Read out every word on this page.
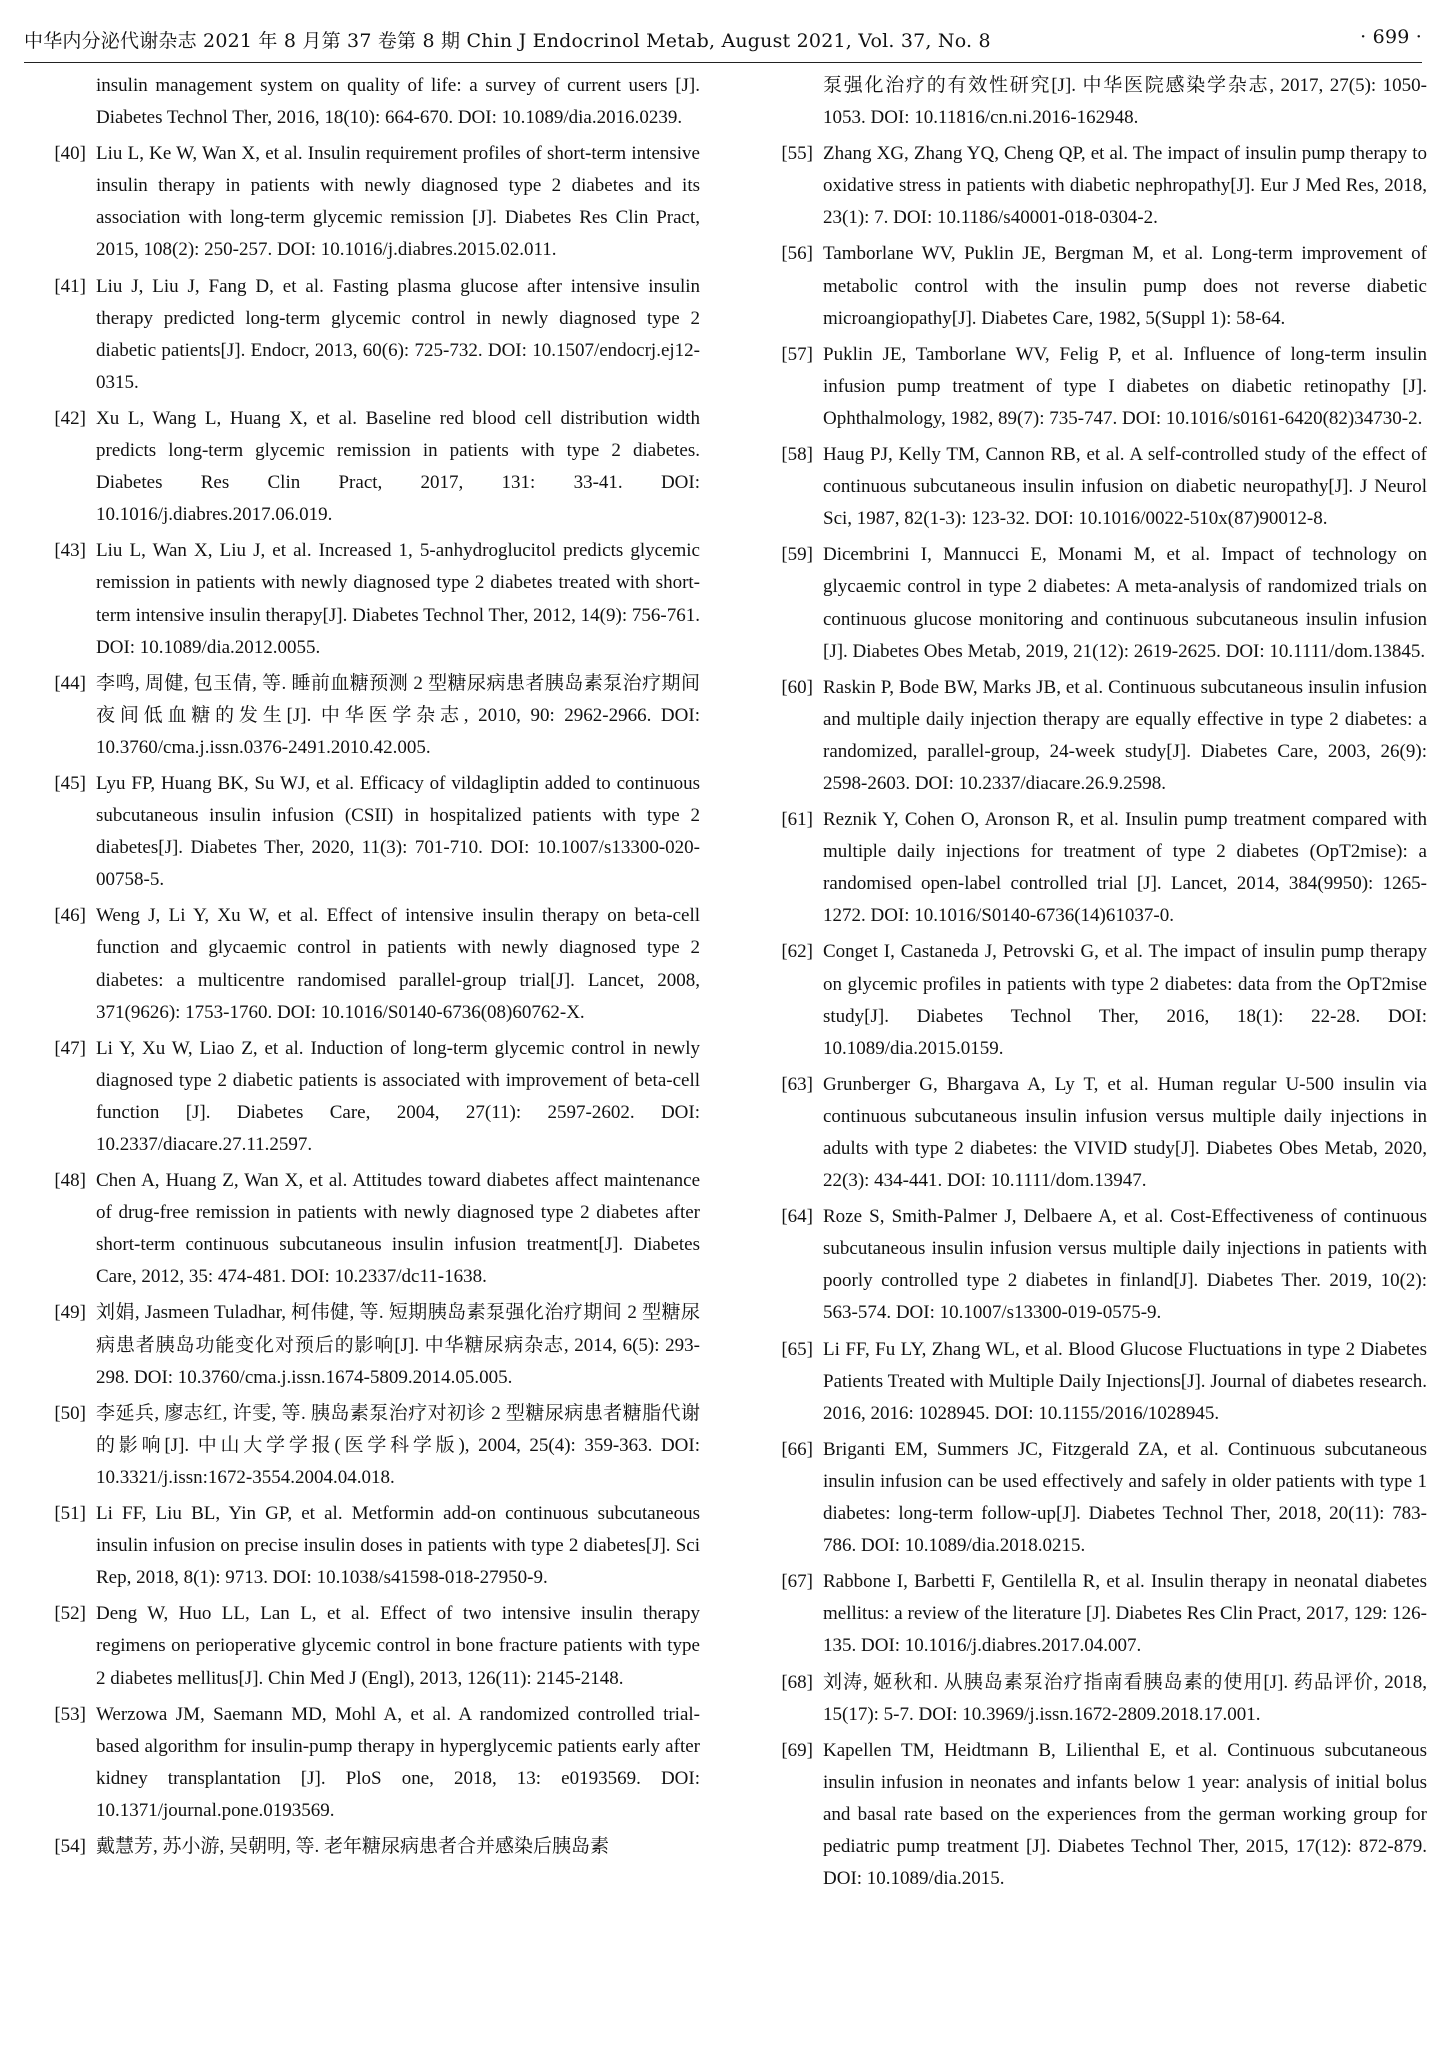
中华内分泌代谢杂志 2021 年 8 月第 37 卷第 8 期 Chin J Endocrinol Metab, August 2021, Vol. 37, No. 8	· 699 ·
insulin management system on quality of life: a survey of current users [J]. Diabetes Technol Ther, 2016, 18(10): 664-670. DOI: 10.1089/dia.2016.0239.
[40] Liu L, Ke W, Wan X, et al. Insulin requirement profiles of short-term intensive insulin therapy in patients with newly diagnosed type 2 diabetes and its association with long-term glycemic remission [J]. Diabetes Res Clin Pract, 2015, 108(2): 250-257. DOI: 10.1016/j.diabres.2015.02.011.
[41] Liu J, Liu J, Fang D, et al. Fasting plasma glucose after intensive insulin therapy predicted long-term glycemic control in newly diagnosed type 2 diabetic patients[J]. Endocr, 2013, 60(6): 725-732. DOI: 10.1507/endocrj.ej12-0315.
[42] Xu L, Wang L, Huang X, et al. Baseline red blood cell distribution width predicts long-term glycemic remission in patients with type 2 diabetes. Diabetes Res Clin Pract, 2017, 131: 33-41. DOI: 10.1016/j.diabres.2017.06.019.
[43] Liu L, Wan X, Liu J, et al. Increased 1, 5-anhydroglucitol predicts glycemic remission in patients with newly diagnosed type 2 diabetes treated with short-term intensive insulin therapy[J]. Diabetes Technol Ther, 2012, 14(9): 756-761. DOI: 10.1089/dia.2012.0055.
[44] 李鸣, 周健, 包玉倩, 等. 睡前血糖预测 2 型糖尿病患者胰岛素泵治疗期间夜间低血糖的发生[J]. 中华医学杂志, 2010, 90: 2962-2966. DOI: 10.3760/cma.j.issn.0376-2491.2010.42.005.
[45] Lyu FP, Huang BK, Su WJ, et al. Efficacy of vildagliptin added to continuous subcutaneous insulin infusion (CSII) in hospitalized patients with type 2 diabetes[J]. Diabetes Ther, 2020, 11(3): 701-710. DOI: 10.1007/s13300-020-00758-5.
[46] Weng J, Li Y, Xu W, et al. Effect of intensive insulin therapy on beta-cell function and glycaemic control in patients with newly diagnosed type 2 diabetes: a multicentre randomised parallel-group trial[J]. Lancet, 2008, 371(9626): 1753-1760. DOI: 10.1016/S0140-6736(08)60762-X.
[47] Li Y, Xu W, Liao Z, et al. Induction of long-term glycemic control in newly diagnosed type 2 diabetic patients is associated with improvement of beta-cell function [J]. Diabetes Care, 2004, 27(11): 2597-2602. DOI: 10.2337/diacare.27.11.2597.
[48] Chen A, Huang Z, Wan X, et al. Attitudes toward diabetes affect maintenance of drug-free remission in patients with newly diagnosed type 2 diabetes after short-term continuous subcutaneous insulin infusion treatment[J]. Diabetes Care, 2012, 35: 474-481. DOI: 10.2337/dc11-1638.
[49] 刘娟, Jasmeen Tuladhar, 柯伟健, 等. 短期胰岛素泵强化治疗期间 2 型糖尿病患者胰岛功能变化对预后的影响[J]. 中华糖尿病杂志, 2014, 6(5): 293-298. DOI: 10.3760/cma.j.issn.1674-5809.2014.05.005.
[50] 李延兵, 廖志红, 许雯, 等. 胰岛素泵治疗对初诊 2 型糖尿病患者糖脂代谢的影响[J]. 中山大学学报(医学科学版), 2004, 25(4): 359-363. DOI: 10.3321/j.issn:1672-3554.2004.04.018.
[51] Li FF, Liu BL, Yin GP, et al. Metformin add-on continuous subcutaneous insulin infusion on precise insulin doses in patients with type 2 diabetes[J]. Sci Rep, 2018, 8(1): 9713. DOI: 10.1038/s41598-018-27950-9.
[52] Deng W, Huo LL, Lan L, et al. Effect of two intensive insulin therapy regimens on perioperative glycemic control in bone fracture patients with type 2 diabetes mellitus[J]. Chin Med J (Engl), 2013, 126(11): 2145-2148.
[53] Werzowa JM, Saemann MD, Mohl A, et al. A randomized controlled trial-based algorithm for insulin-pump therapy in hyperglycemic patients early after kidney transplantation [J]. PloS one, 2018, 13: e0193569. DOI: 10.1371/journal.pone.0193569.
[54] 戴慧芳, 苏小游, 吴朝明, 等. 老年糖尿病患者合并感染后胰岛素
泵强化治疗的有效性研究[J]. 中华医院感染学杂志, 2017, 27(5): 1050-1053. DOI: 10.11816/cn.ni.2016-162948.
[55] Zhang XG, Zhang YQ, Cheng QP, et al. The impact of insulin pump therapy to oxidative stress in patients with diabetic nephropathy[J]. Eur J Med Res, 2018, 23(1): 7. DOI: 10.1186/s40001-018-0304-2.
[56] Tamborlane WV, Puklin JE, Bergman M, et al. Long-term improvement of metabolic control with the insulin pump does not reverse diabetic microangiopathy[J]. Diabetes Care, 1982, 5(Suppl 1): 58-64.
[57] Puklin JE, Tamborlane WV, Felig P, et al. Influence of long-term insulin infusion pump treatment of type I diabetes on diabetic retinopathy [J]. Ophthalmology, 1982, 89(7): 735-747. DOI: 10.1016/s0161-6420(82)34730-2.
[58] Haug PJ, Kelly TM, Cannon RB, et al. A self-controlled study of the effect of continuous subcutaneous insulin infusion on diabetic neuropathy[J]. J Neurol Sci, 1987, 82(1-3): 123-32. DOI: 10.1016/0022-510x(87)90012-8.
[59] Dicembrini I, Mannucci E, Monami M, et al. Impact of technology on glycaemic control in type 2 diabetes: A meta-analysis of randomized trials on continuous glucose monitoring and continuous subcutaneous insulin infusion [J]. Diabetes Obes Metab, 2019, 21(12): 2619-2625. DOI: 10.1111/dom.13845.
[60] Raskin P, Bode BW, Marks JB, et al. Continuous subcutaneous insulin infusion and multiple daily injection therapy are equally effective in type 2 diabetes: a randomized, parallel-group, 24-week study[J]. Diabetes Care, 2003, 26(9): 2598-2603. DOI: 10.2337/diacare.26.9.2598.
[61] Reznik Y, Cohen O, Aronson R, et al. Insulin pump treatment compared with multiple daily injections for treatment of type 2 diabetes (OpT2mise): a randomised open-label controlled trial [J]. Lancet, 2014, 384(9950): 1265-1272. DOI: 10.1016/S0140-6736(14)61037-0.
[62] Conget I, Castaneda J, Petrovski G, et al. The impact of insulin pump therapy on glycemic profiles in patients with type 2 diabetes: data from the OpT2mise study[J]. Diabetes Technol Ther, 2016, 18(1): 22-28. DOI: 10.1089/dia.2015.0159.
[63] Grunberger G, Bhargava A, Ly T, et al. Human regular U-500 insulin via continuous subcutaneous insulin infusion versus multiple daily injections in adults with type 2 diabetes: the VIVID study[J]. Diabetes Obes Metab, 2020, 22(3): 434-441. DOI: 10.1111/dom.13947.
[64] Roze S, Smith-Palmer J, Delbaere A, et al. Cost-Effectiveness of continuous subcutaneous insulin infusion versus multiple daily injections in patients with poorly controlled type 2 diabetes in finland[J]. Diabetes Ther. 2019, 10(2): 563-574. DOI: 10.1007/s13300-019-0575-9.
[65] Li FF, Fu LY, Zhang WL, et al. Blood Glucose Fluctuations in type 2 Diabetes Patients Treated with Multiple Daily Injections[J]. Journal of diabetes research. 2016, 2016: 1028945. DOI: 10.1155/2016/1028945.
[66] Briganti EM, Summers JC, Fitzgerald ZA, et al. Continuous subcutaneous insulin infusion can be used effectively and safely in older patients with type 1 diabetes: long-term follow-up[J]. Diabetes Technol Ther, 2018, 20(11): 783-786. DOI: 10.1089/dia.2018.0215.
[67] Rabbone I, Barbetti F, Gentilella R, et al. Insulin therapy in neonatal diabetes mellitus: a review of the literature [J]. Diabetes Res Clin Pract, 2017, 129: 126-135. DOI: 10.1016/j.diabres.2017.04.007.
[68] 刘涛, 姬秋和. 从胰岛素泵治疗指南看胰岛素的使用[J]. 药品评价, 2018, 15(17): 5-7. DOI: 10.3969/j.issn.1672-2809.2018.17.001.
[69] Kapellen TM, Heidtmann B, Lilienthal E, et al. Continuous subcutaneous insulin infusion in neonates and infants below 1 year: analysis of initial bolus and basal rate based on the experiences from the german working group for pediatric pump treatment [J]. Diabetes Technol Ther, 2015, 17(12): 872-879. DOI: 10.1089/dia.2015.
